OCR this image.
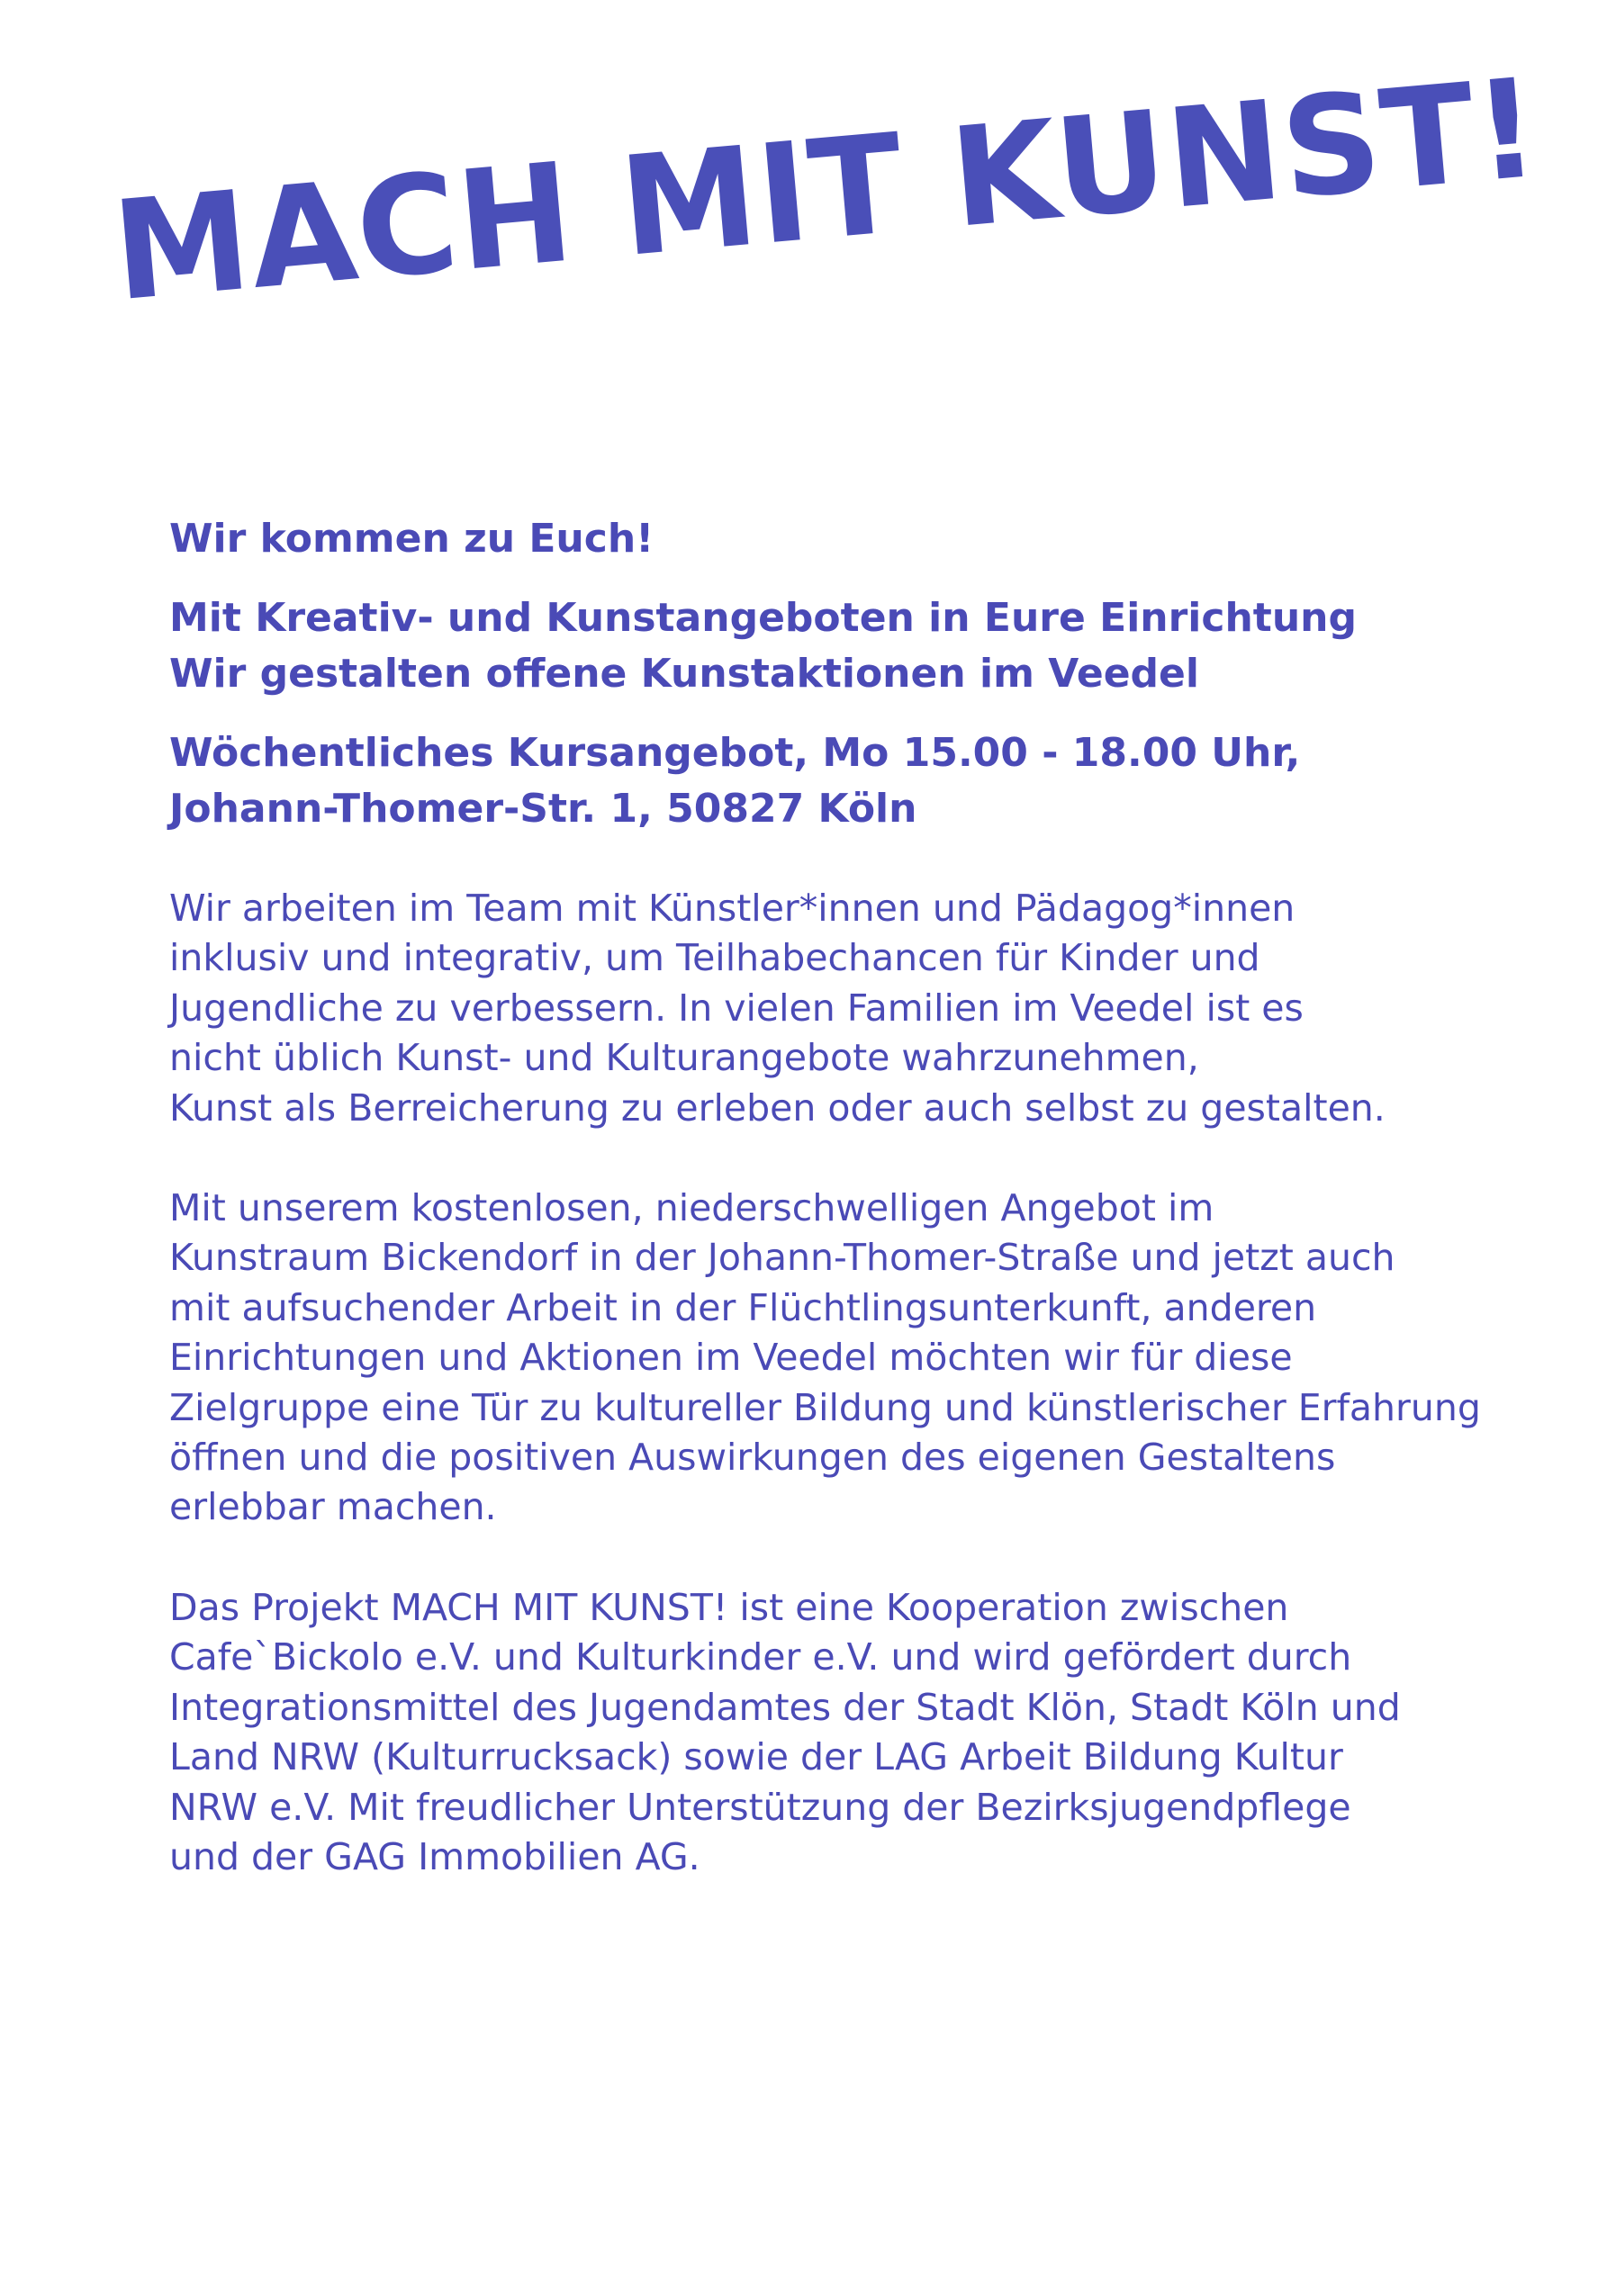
MACH MIT KUNST!

Wir kommen zu Euch!

Mit Kreativ- und Kunstangeboten in Eure Einrichtung
Wir gestalten offene Kunstaktionen im Veedel

Wöchentliches Kursangebot, Mo 15.00 - 18.00 Uhr,
Johann-Thomer-Str. 1, 50827 Köln

Wir arbeiten im Team mit Künstler*innen und Pädagog*innen
inklusiv und integrativ, um Teilhabechancen für Kinder und
Jugendliche zu verbessern. In vielen Familien im Veedel ist es
nicht üblich Kunst- und Kulturangebote wahrzunehmen,
Kunst als Berreicherung zu erleben oder auch selbst zu gestalten.

Mit unserem kostenlosen, niederschwelligen Angebot im
Kunstraum Bickendorf in der Johann-Thomer-Straße und jetzt auch
mit aufsuchender Arbeit in der Flüchtlingsunterkunft, anderen
Einrichtungen und Aktionen im Veedel möchten wir für diese
Zielgruppe eine Tür zu kultureller Bildung und künstlerischer Erfahrung
öffnen und die positiven Auswirkungen des eigenen Gestaltens
erlebbar machen.

Das Projekt MACH MIT KUNST! ist eine Kooperation zwischen
Cafe`Bickolo e.V. und Kulturkinder e.V. und wird gefördert durch
Integrationsmittel des Jugendamtes der Stadt Klön, Stadt Köln und
Land NRW (Kulturrucksack) sowie der LAG Arbeit Bildung Kultur
NRW e.V. Mit freudlicher Unterstützung der Bezirksjugendpflege
und der GAG Immobilien AG.
